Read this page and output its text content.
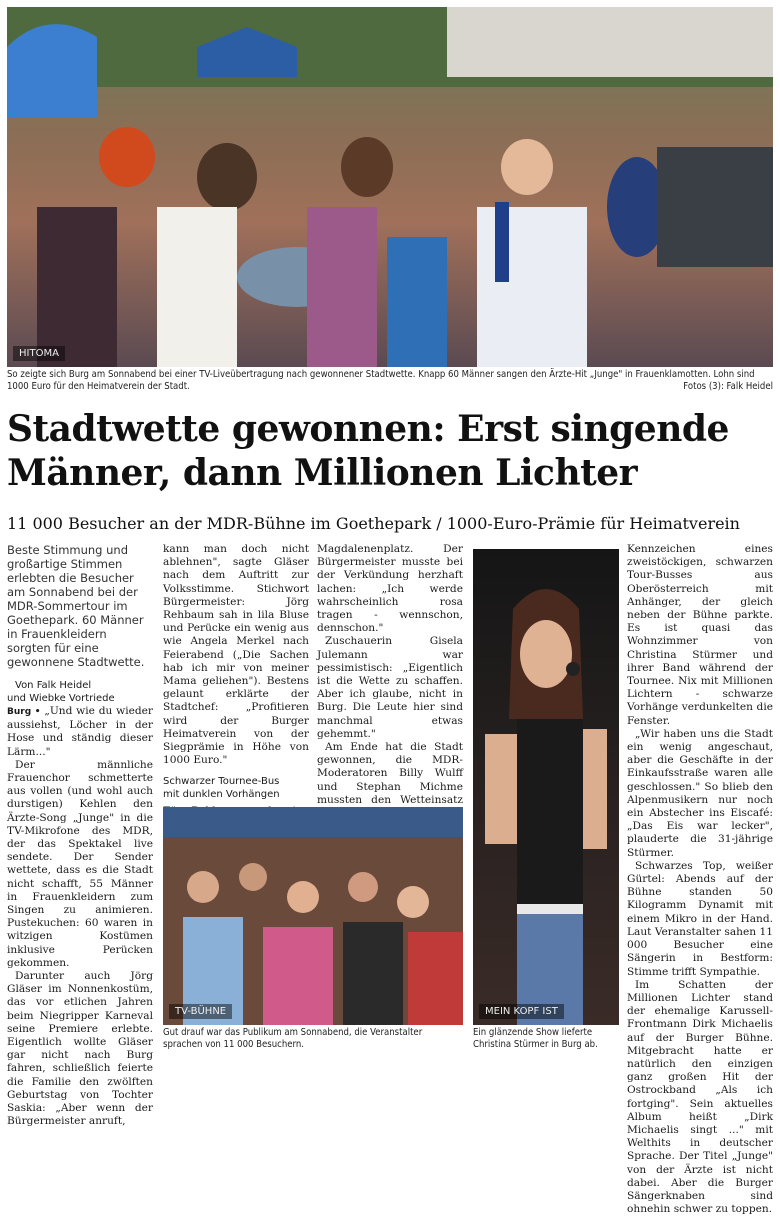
HITOMA
So zeigte sich Burg am Sonnabend bei einer TV-Liveübertragung nach gewonnener Stadtwette. Knapp 60 Männer sangen den Ärzte-Hit „Junge" in Frauenklamotten. Lohn sind 1000 Euro für den Heimatverein der Stadt.	Fotos (3): Falk Heidel
Stadtwette gewonnen: Erst singende
Männer, dann Millionen Lichter

11 000 Besucher an der MDR-Bühne im Goethepark / 1000-Euro-Prämie für Heimatverein

Beste Stimmung und großartige Stimmen erlebten die Besucher am Sonnabend bei der MDR-Sommertour im Goethepark. 60 Männer in Frauenkleidern sorgten für eine gewonnene Stadtwette.

Von Falk Heidel
und Wiebke Vortriede

Burg • „Und wie du wieder aussiehst, Löcher in der Hose und ständig dieser Lärm..."

Der männliche Frauenchor schmetterte aus vollen (und wohl auch durstigen) Kehlen den Ärzte-Song „Junge" in die TV-Mikrofone des MDR, der das Spektakel live sendete. Der Sender wettete, dass es die Stadt nicht schafft, 55 Männer in Frauenkleidern zum Singen zu animieren. Pustekuchen: 60 waren in witzigen Kostümen inklusive Perücken gekommen.

Darunter auch Jörg Gläser im Nonnenkostüm, das vor etlichen Jahren beim Niegripper Karneval seine Premiere erlebte. Eigentlich wollte Gläser gar nicht nach Burg fahren, schließlich feierte die Familie den zwölften Geburtstag von Tochter Saskia: „Aber wenn der Bürgermeister anruft,

kann man doch nicht ablehnen", sagte Gläser nach dem Auftritt zur Volksstimme. Stichwort Bürgermeister: Jörg Rehbaum sah in lila Bluse und Perücke ein wenig aus wie Angela Merkel nach Feierabend („Die Sachen hab ich mir von meiner Mama geliehen"). Bestens gelaunt erklärte der Stadtchef: „Profitieren wird der Burger Heimatverein von der Siegprämie in Höhe von 1000 Euro."

Schwarzer Tournee-Bus
mit dunklen Vorhängen

Magdalenenplatz. Der Bürgermeister musste bei der Verkündung herzhaft lachen: „Ich werde wahrscheinlich rosa tragen - wennschon, dennschon."

Zuschauerin Gisela Julemann war pessimistisch: „Eigentlich ist die Wette zu schaffen. Aber ich glaube, nicht in Burg. Die Leute hier sind manchmal etwas gehemmt."

Am Ende hat die Stadt gewonnen, die MDR-Moderatoren Billy Wulff und Stephan Michme mussten den Wetteinsatz

TV-BÜHNE

Gut drauf war das Publikum am Sonnabend, die Veranstalter sprachen von 11 000 Besuchern.

MEIN KOPF IST

Ein glänzende Show lieferte Christina Stürmer in Burg ab.

Kennzeichen eines zweistöckigen, schwarzen Tour-Busses aus Oberösterreich mit Anhänger, der gleich neben der Bühne parkte. Es ist quasi das Wohnzimmer von Christina Stürmer und ihrer Band während der Tournee. Nix mit Millionen Lichtern - schwarze Vorhänge verdunkelten die Fenster.

„Wir haben uns die Stadt ein wenig angeschaut, aber die Geschäfte in der Einkaufsstraße waren alle geschlossen." So blieb den Alpenmusikern nur noch ein Abstecher ins Eiscafé: „Das Eis war lecker", plauderte die 31-jährige Stürmer.

Schwarzes Top, weißer Gürtel: Abends auf der Bühne standen 50 Kilogramm Dynamit mit einem Mikro in der Hand. Laut Veranstalter sahen 11 000 Besucher eine Sängerin in Bestform: Stimme trifft Sympathie.

Im Schatten der Millionen Lichter stand der ehemalige Karussell-Frontmann Dirk Michaelis auf der Burger Bühne. Mitgebracht hatte er natürlich den einzigen ganz großen Hit der Ostrockband „Als ich fortging". Sein aktuelles Album heißt „Dirk Michaelis singt ..." mit Welthits in deutscher Sprache. Der Titel „Junge" von der Ärzte ist nicht dabei. Aber die Burger Sängerknaben sind ohnehin schwer zu toppen.
